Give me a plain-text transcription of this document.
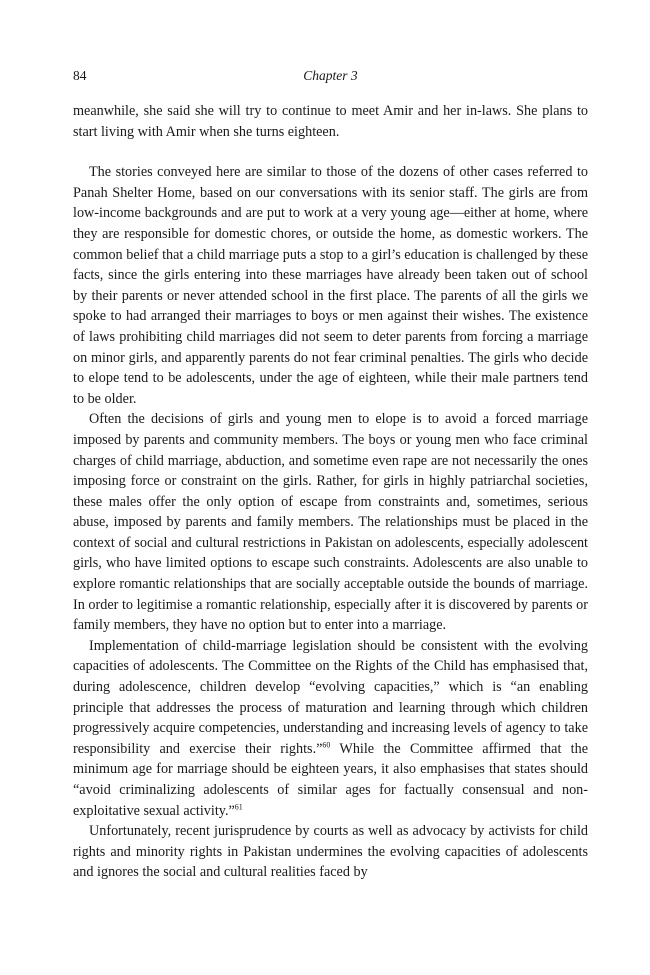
84	Chapter 3

meanwhile, she said she will try to continue to meet Amir and her in-laws. She plans to start living with Amir when she turns eighteen.

The stories conveyed here are similar to those of the dozens of other cases referred to Panah Shelter Home, based on our conversations with its senior staff. The girls are from low-income backgrounds and are put to work at a very young age—either at home, where they are responsible for domestic chores, or outside the home, as domestic workers. The common belief that a child marriage puts a stop to a girl’s education is challenged by these facts, since the girls entering into these marriages have already been taken out of school by their parents or never attended school in the first place. The parents of all the girls we spoke to had arranged their marriages to boys or men against their wishes. The existence of laws prohibiting child marriages did not seem to deter parents from forcing a marriage on minor girls, and apparently parents do not fear criminal penalties. The girls who decide to elope tend to be adolescents, under the age of eighteen, while their male partners tend to be older.

Often the decisions of girls and young men to elope is to avoid a forced marriage imposed by parents and community members. The boys or young men who face criminal charges of child marriage, abduction, and sometime even rape are not necessarily the ones imposing force or constraint on the girls. Rather, for girls in highly patriarchal societies, these males offer the only option of escape from constraints and, sometimes, serious abuse, imposed by parents and family members. The relationships must be placed in the context of social and cultural restrictions in Pakistan on adolescents, especially adolescent girls, who have limited options to escape such constraints. Adolescents are also unable to explore romantic relationships that are socially acceptable outside the bounds of marriage. In order to legitimise a romantic relationship, especially after it is discovered by parents or family members, they have no option but to enter into a marriage.

Implementation of child-marriage legislation should be consistent with the evolving capacities of adolescents. The Committee on the Rights of the Child has emphasised that, during adolescence, children develop “evolving capacities,” which is “an enabling principle that addresses the process of maturation and learning through which children progressively acquire competencies, understanding and increasing levels of agency to take responsibility and exercise their rights.”$^{60}$ While the Committee affirmed that the minimum age for marriage should be eighteen years, it also emphasises that states should “avoid criminalizing adolescents of similar ages for factually consensual and non-exploitative sexual activity.”$^{61}$

Unfortunately, recent jurisprudence by courts as well as advocacy by activists for child rights and minority rights in Pakistan undermines the evolving capacities of adolescents and ignores the social and cultural realities faced by
